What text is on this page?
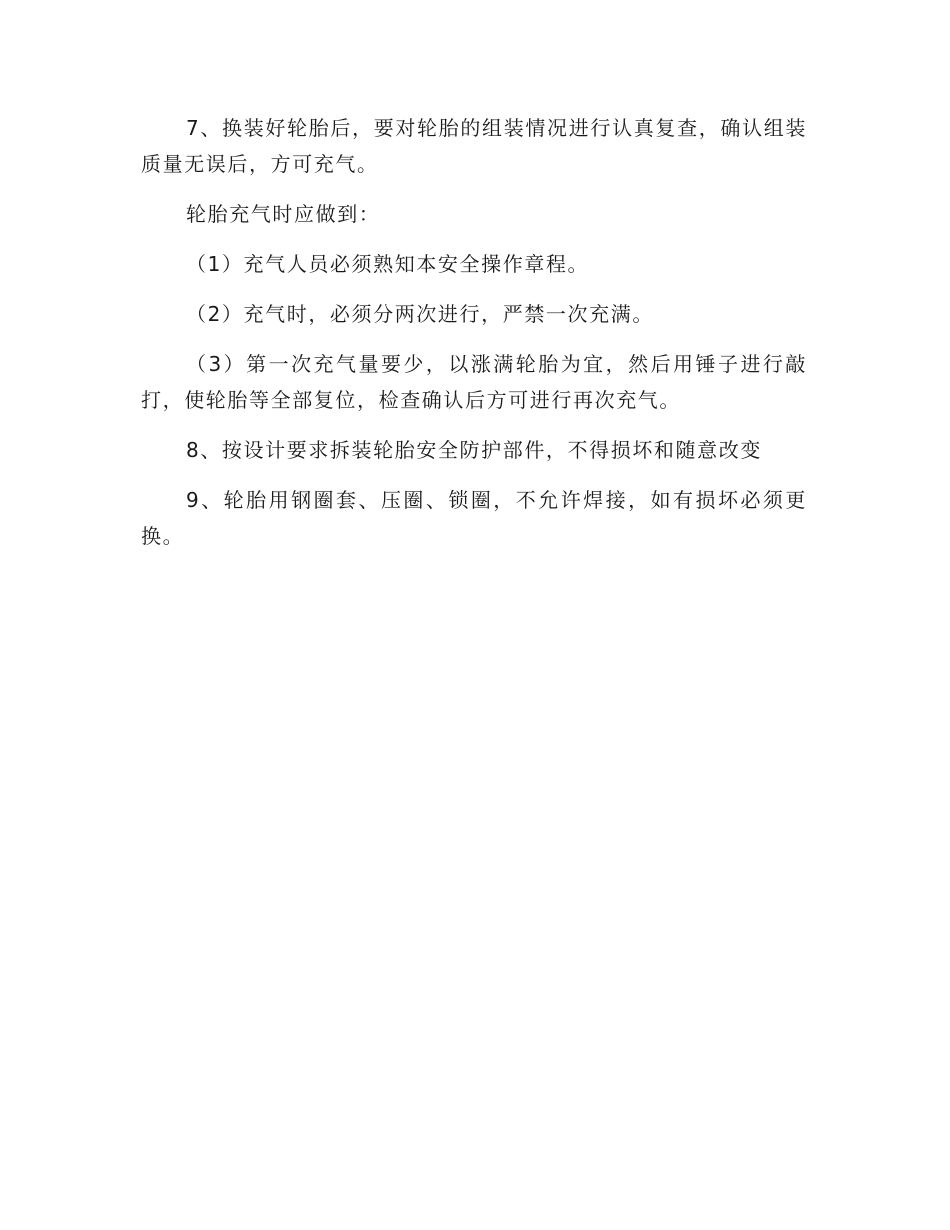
7、换装好轮胎后，要对轮胎的组装情况进行认真复查，确认组装质量无误后，方可充气。

轮胎充气时应做到：

（1）充气人员必须熟知本安全操作章程。

（2）充气时，必须分两次进行，严禁一次充满。

（3）第一次充气量要少，以涨满轮胎为宜，然后用锤子进行敲打，使轮胎等全部复位，检查确认后方可进行再次充气。

8、按设计要求拆装轮胎安全防护部件，不得损坏和随意改变

9、轮胎用钢圈套、压圈、锁圈，不允许焊接，如有损坏必须更换。
